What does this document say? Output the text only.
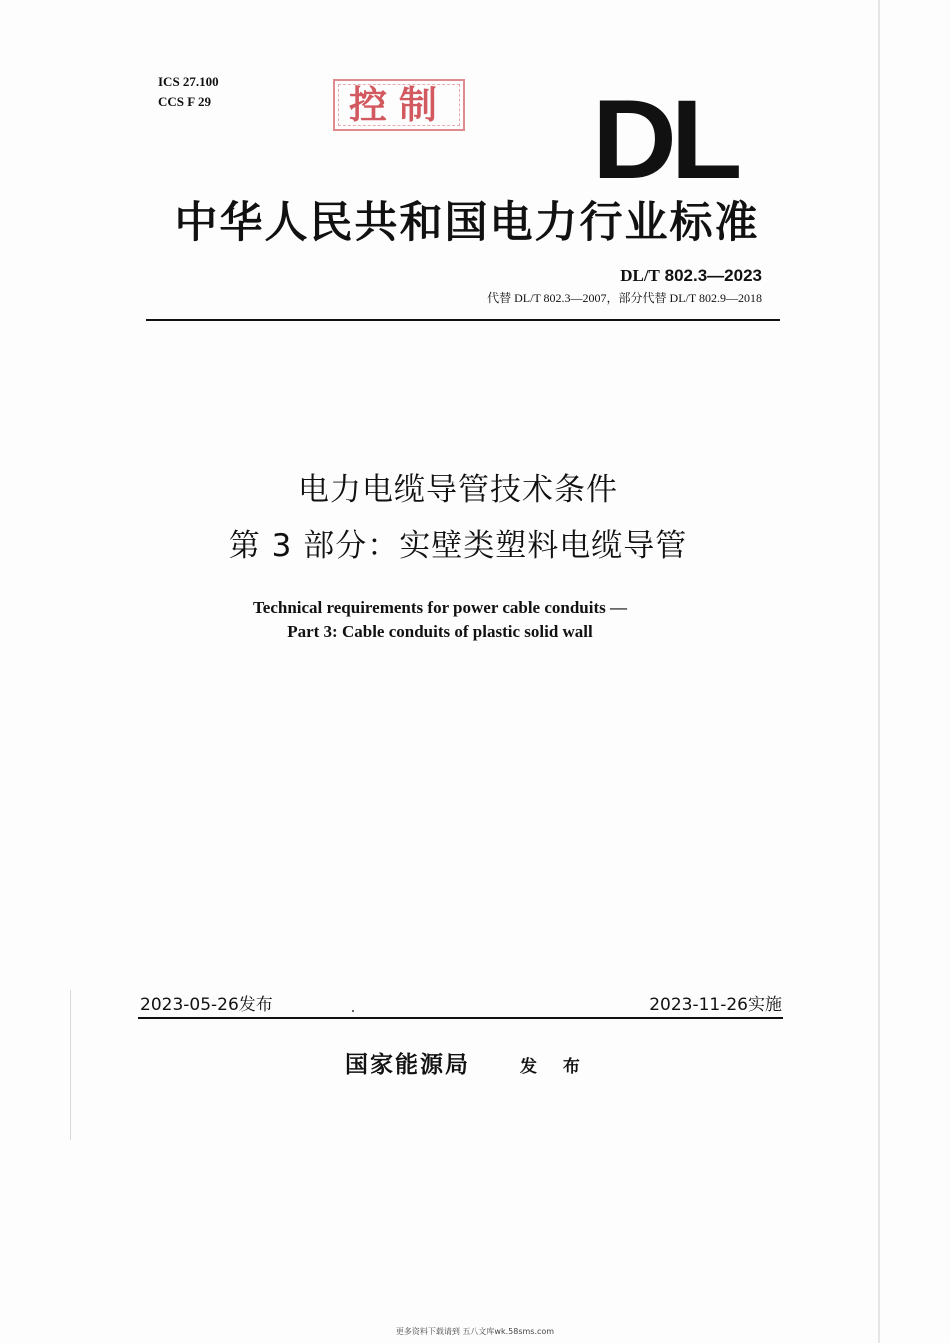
ICS 27.100
CCS F 29	控制 DL
中华人民共和国电力行业标准
DL/T 802.3—2023
代替 DL/T 802.3—2007，部分代替 DL/T 802.9—2018
电力电缆导管技术条件
第 3 部分：实壁类塑料电缆导管
Technical requirements for power cable conduits —
Part 3: Cable conduits of plastic solid wall
2023-05-26发布	2023-11-26实施
国家能源局	发 布
更多资料下载请到 五八文库wk.58sms.com
